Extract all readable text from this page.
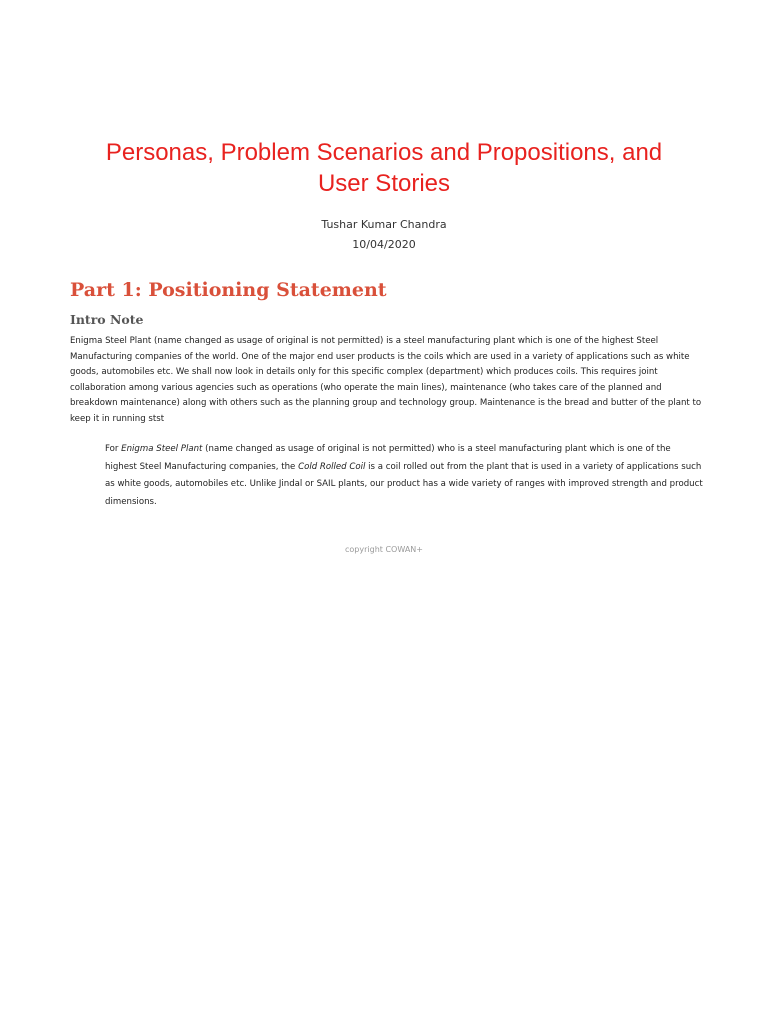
Personas, Problem Scenarios and Propositions, and
User Stories

Tushar Kumar Chandra

10/04/2020

Part 1: Positioning Statement
Intro Note

Enigma Steel Plant (name changed as usage of original is not permitted) is a steel manufacturing plant which is one of the highest Steel Manufacturing companies of the world. One of the major end user products is the coils which are used in a variety of applications such as white goods, automobiles etc. We shall now look in details only for this specific complex (department) which produces coils. This requires joint collaboration among various agencies such as operations (who operate the main lines), maintenance (who takes care of the planned and breakdown maintenance) along with others such as the planning group and technology group. Maintenance is the bread and butter of the plant to keep it in running stst

For Enigma Steel Plant (name changed as usage of original is not permitted) who is a steel manufacturing plant which is one of the highest Steel Manufacturing companies, the Cold Rolled Coil is a coil rolled out from the plant that is used in a variety of applications such as white goods, automobiles etc. Unlike Jindal or SAIL plants, our product has a wide variety of ranges with improved strength and product dimensions.

copyright COWAN+
